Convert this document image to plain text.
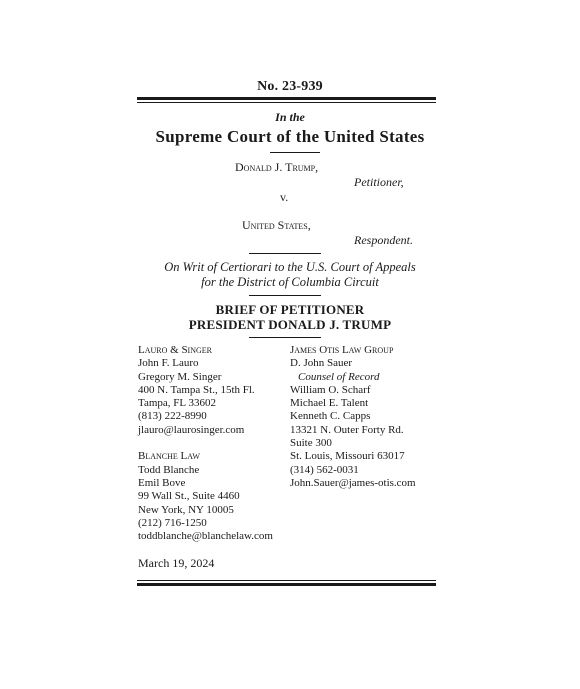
No. 23-939
In the
Supreme Court of the United States
Donald J. Trump,
Petitioner,
v.
United States,
Respondent.
On Writ of Certiorari to the U.S. Court of Appeals
for the District of Columbia Circuit
BRIEF OF PETITIONER
PRESIDENT DONALD J. TRUMP
Lauro & Singer
John F. Lauro
Gregory M. Singer
400 N. Tampa St., 15th Fl.
Tampa, FL 33602
(813) 222-8990
jlauro@laurosinger.com
Blanche Law
Todd Blanche
Emil Bove
99 Wall St., Suite 4460
New York, NY 10005
(212) 716-1250
toddblanche@blanchelaw.com
James Otis Law Group
D. John Sauer
Counsel of Record
William O. Scharf
Michael E. Talent
Kenneth C. Capps
13321 N. Outer Forty Rd.
Suite 300
St. Louis, Missouri 63017
(314) 562-0031
John.Sauer@james-otis.com
March 19, 2024
